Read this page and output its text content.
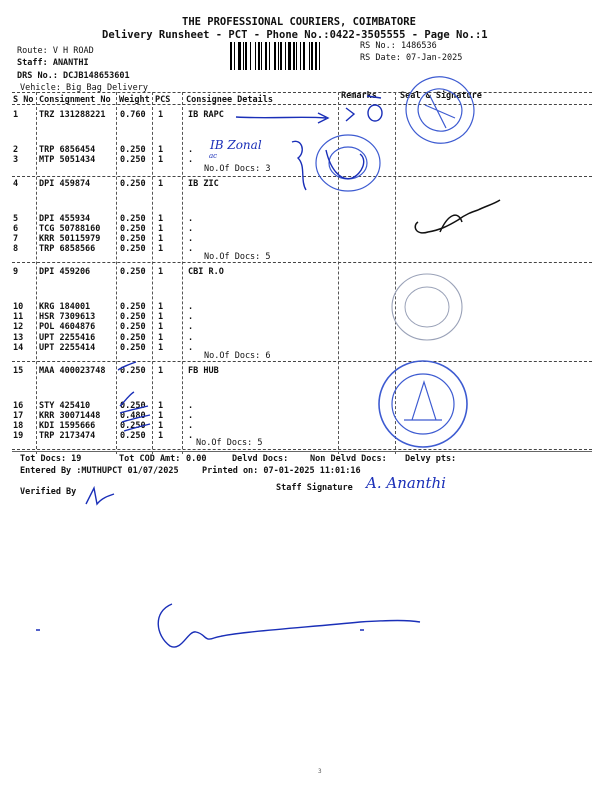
THE PROFESSIONAL COURIERS, COIMBATORE
Delivery Runsheet - PCT - Phone No.:0422-3505555 - Page No.:1
Route: V H ROAD
Staff: ANANTHI
DRS No.: DCJB148653601
Vehicle: Big Bag Delivery
RS No.: 1486536
RS Date: 07-Jan-2025
S No Consignment No Weight PCS Consignee Details	Remarks	Seal & Signature
1 TRZ 131288221 0.760 1	IB RAPC
2 TRP 6856454	0.250 1	.
3 MTP 5051434	0.250 1	.
4 DPI 459874	0.250 1	IB ZIC
5 DPI 455934	0.250 1	.
6 TCG 50788160 0.250 1	.
7 KRR 50115979 0.250 1	.
8 TRP 6858566	0.250 1	.
9 DPI 459206	0.250 1	CBI R.O
10 KRG 184001	0.250 1	.
11 HSR 7309613	0.250 1	.
12 POL 4604876	0.250 1	.
13 UPT 2255416	0.250 1	.
14 UPT 2255414	0.250 1	.
15 MAA 400023748 0.250 1	FB HUB
16 STY 425410	0.250 1	.
17 KRR 30071448 0.480 1	.
18 KDI 1595666	0.250 1	.
19 TRP 2173474	0.250 1	.
No.Of Docs: 3
No.Of Docs: 5
No.Of Docs: 6
No.Of Docs: 5
IB Zonal
ac
Tot Docs: 19	Tot COD Amt: 0.00	Delvd Docs:	Non Delvd Docs: Delvy pts:
Entered By :MUTHUPCT 01/07/2025	Printed on: 07-01-2025 11:01:16
Verified By	Staff Signature A. Ananthi
3
